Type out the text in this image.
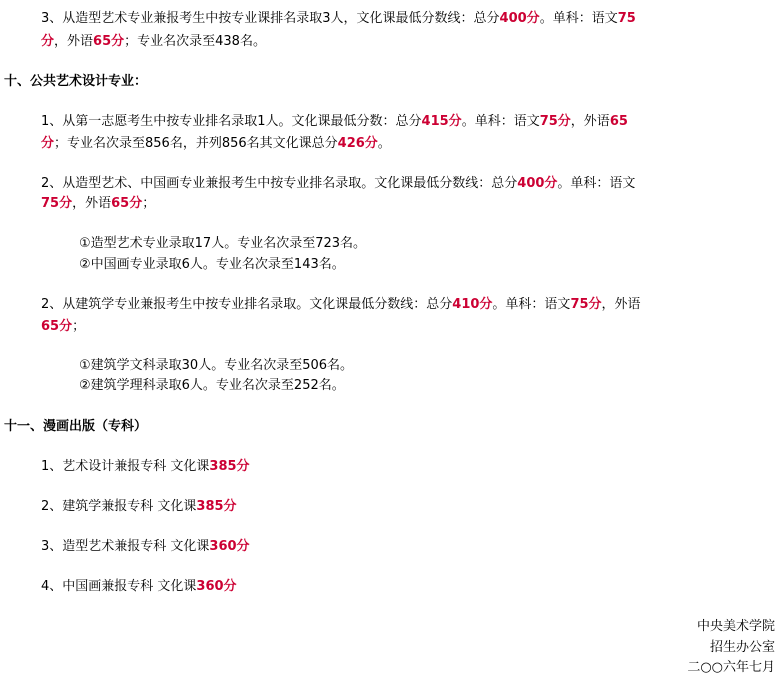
3、从造型艺术专业兼报考生中按专业课排名录取3人，文化课最低分数线：总分400分。单科：语文75
分，外语65分；专业名次录至438名。
十、公共艺术设计专业：
1、从第一志愿考生中按专业排名录取1人。文化课最低分数：总分415分。单科：语文75分，外语65
分；专业名次录至856名，并列856名其文化课总分426分。
2、从造型艺术、中国画专业兼报考生中按专业排名录取。文化课最低分数线：总分400分。单科：语文
75分，外语65分；
①造型艺术专业录取17人。专业名次录至723名。
②中国画专业录取6人。专业名次录至143名。
2、从建筑学专业兼报考生中按专业排名录取。文化课最低分数线：总分410分。单科：语文75分，外语
65分；
①建筑学文科录取30人。专业名次录至506名。
②建筑学理科录取6人。专业名次录至252名。
十一、漫画出版（专科）
1、艺术设计兼报专科 文化课385分
2、建筑学兼报专科 文化课385分
3、造型艺术兼报专科 文化课360分
4、中国画兼报专科 文化课360分
中央美术学院
招生办公室
二○○六年七月
